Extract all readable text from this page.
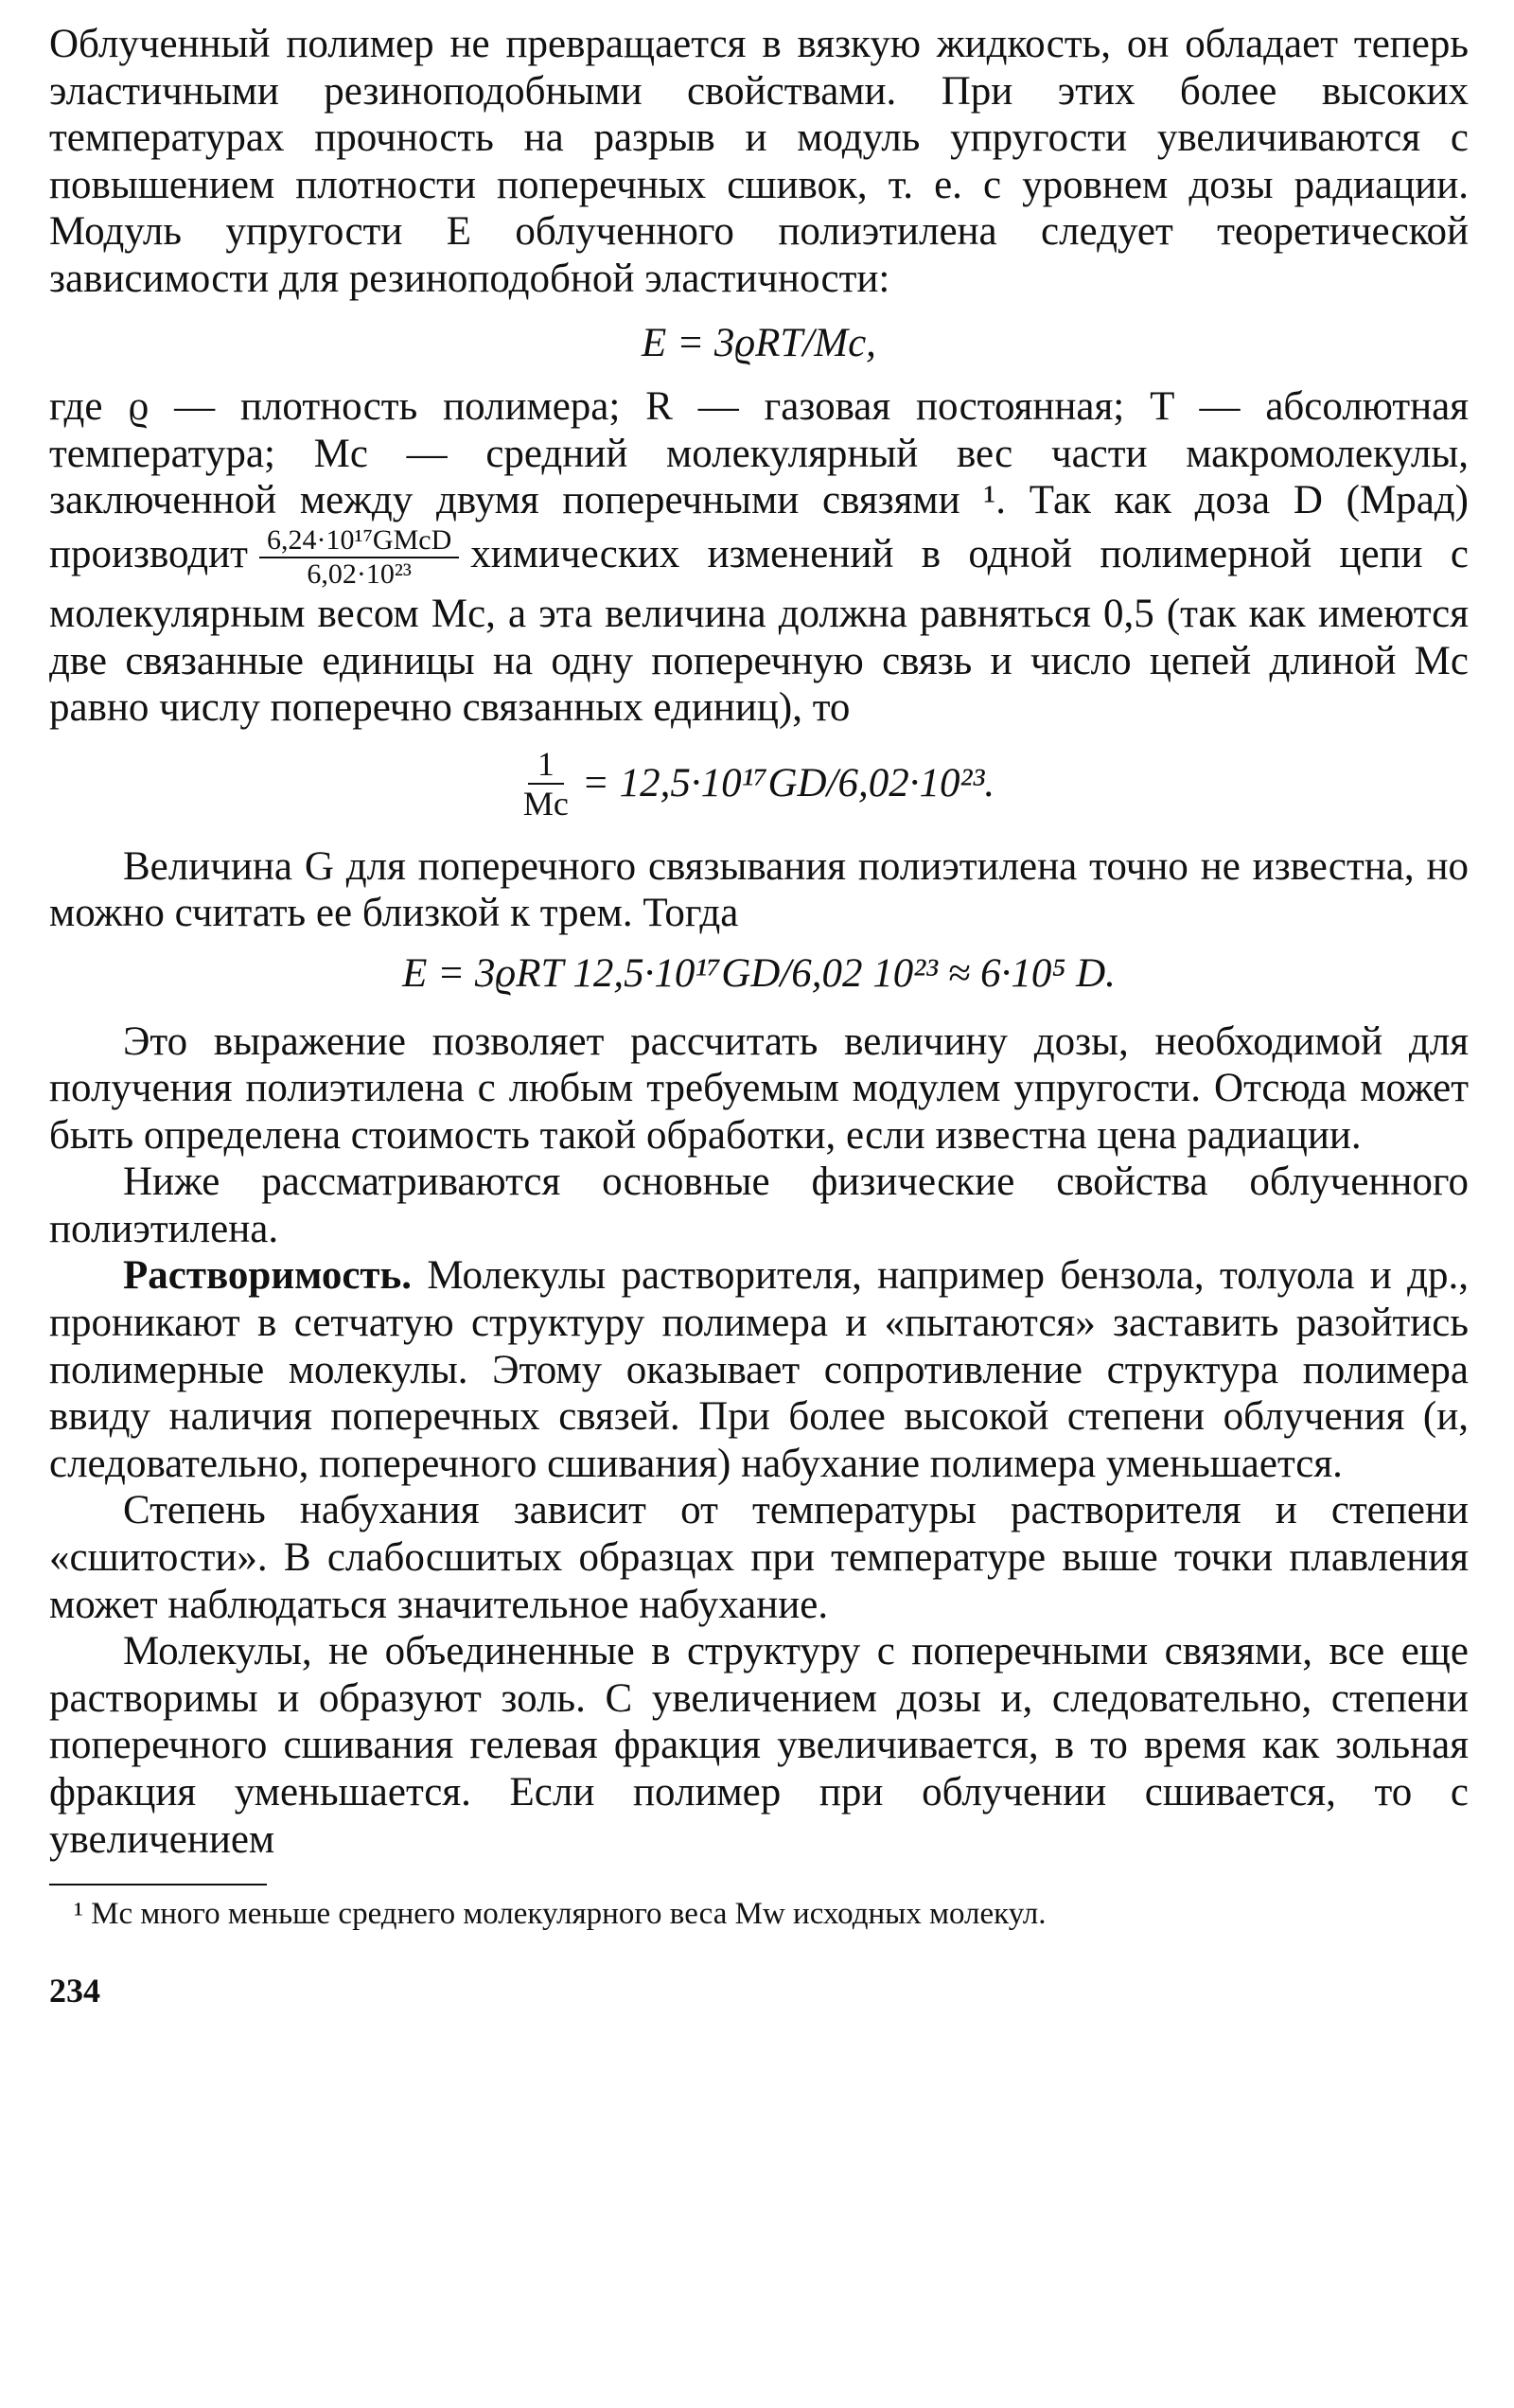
Облученный полимер не превращается в вязкую жидкость, он обладает теперь эластичными резиноподобными свойствами. При этих более высоких температурах прочность на разрыв и модуль упругости увеличиваются с повышением плотности поперечных сшивок, т. е. с уровнем дозы радиации. Модуль упругости E облученного полиэтилена следует теоретической зависимости для резиноподобной эластичности:

E = 3ϱRT/Mc,

где ϱ — плотность полимера; R — газовая постоянная; T — абсолютная температура; Mc — средний молекулярный вес части макромолекулы, заключенной между двумя поперечными связями ¹. Так как доза D (Мрад) производит $\frac{\text{6,24·10¹⁷GMcD}}{\text{6,02·10²³}}$ химических изменений в одной полимерной цепи с молекулярным весом Mc, а эта величина должна равняться 0,5 (так как имеются две связанные единицы на одну поперечную связь и число цепей длиной Mc равно числу поперечно связанных единиц), то

$\frac{1}{Mc} = 12,5\cdot 10^{17}GD/6,02\cdot 10^{23}$.

Величина G для поперечного связывания полиэтилена точно не известна, но можно считать ее близкой к трем. Тогда

E = 3ϱRT 12,5·10¹⁷GD/6,02 10²³ ≈ 6·10⁵ D.

Это выражение позволяет рассчитать величину дозы, необходимой для получения полиэтилена с любым требуемым модулем упругости. Отсюда может быть определена стоимость такой обработки, если известна цена радиации.

Ниже рассматриваются основные физические свойства облученного полиэтилена.

Растворимость. Молекулы растворителя, например бензола, толуола и др., проникают в сетчатую структуру полимера и «пытаются» заставить разойтись полимерные молекулы. Этому оказывает сопротивление структура полимера ввиду наличия поперечных связей. При более высокой степени облучения (и, следовательно, поперечного сшивания) набухание полимера уменьшается.

Степень набухания зависит от температуры растворителя и степени «сшитости». В слабосшитых образцах при температуре выше точки плавления может наблюдаться значительное набухание.

Молекулы, не объединенные в структуру с поперечными связями, все еще растворимы и образуют золь. С увеличением дозы и, следовательно, степени поперечного сшивания гелевая фракция увеличивается, в то время как зольная фракция уменьшается. Если полимер при облучении сшивается, то с увеличением

¹ Mc много меньше среднего молекулярного веса Mw исходных молекул.

234
